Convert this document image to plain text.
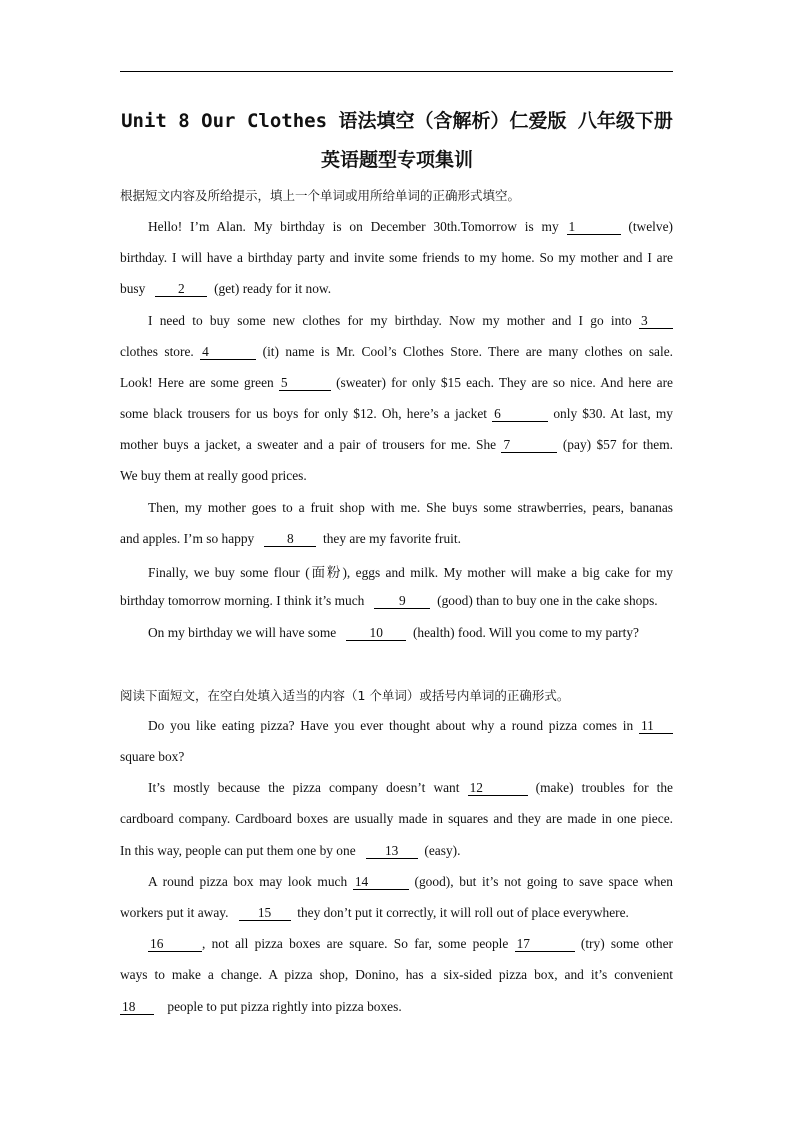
Unit 8 Our Clothes 语法填空（含解析）仁爱版 八年级下册
英语题型专项集训
根据短文内容及所给提示，填上一个单词或用所给单词的正确形式填空。
Hello! I’m Alan. My birthday is on December 30th.Tomorrow is my 1	(twelve)
birthday. I will have a birthday party and invite some friends to my home. So my mother and I are
busy 2 (get) ready for it now.
I need to buy some new clothes for my birthday. Now my mother and I go into 3
clothes store. 4	(it) name is Mr. Cool’s Clothes Store. There are many clothes on sale.
Look! Here are some green 5	(sweater) for only $15 each. They are so nice. And here are
some black trousers for us boys for only $12. Oh, here’s a jacket 6	only $30. At last, my
mother buys a jacket, a sweater and a pair of trousers for me. She 7	(pay) $57 for them.
We buy them at really good prices.
Then, my mother goes to a fruit shop with me. She buys some strawberries, pears, bananas
and apples. I’m so happy 8 they are my favorite fruit.
Finally, we buy some flour (面粉), eggs and milk. My mother will make a big cake for my
birthday tomorrow morning. I think it’s much	9 (good) than to buy one in the cake shops.
On my birthday we will have some 10 (health) food. Will you come to my party?
阅读下面短文，在空白处填入适当的内容（1 个单词）或括号内单词的正确形式。
Do you like eating pizza? Have you ever thought about why a round pizza comes in 11
square box?
It’s mostly because the pizza company doesn’t want 12	(make) troubles for the
cardboard company. Cardboard boxes are usually made in squares and they are made in one piece.
In this way, people can put them one by one 13 (easy).
A round pizza box may look much 14	(good), but it’s not going to save space when
workers put it away. 15 they don’t put it correctly, it will roll out of place everywhere.
16	, not all pizza boxes are square. So far, some people 17	(try) some other
ways to make a change. A pizza shop, Donino, has a six-sided pizza box, and it’s convenient
18 people to put pizza rightly into pizza boxes.
